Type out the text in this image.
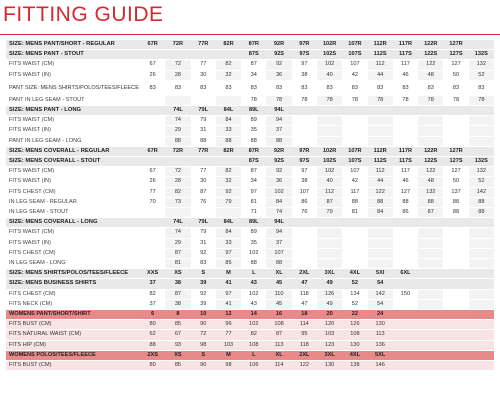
FITTING GUIDE
SIZE: MENS PANT/SHORT - REGULAR	67R	72R	77R	82R	87R	92R	97R	102R	107R	112R	117R	122R	127R	
SIZE: MENS PANT - STOUT					87S	92S	97S	102S	107S	112S	117S	122S	127S	132S
FITS WAIST (CM)	67	72	77	82	87	92	97	102	107	112	117	122	127	132
FITS WAIST (IN)	26	28	30	32	34	36	38	40	42	44	46	48	50	52
PANT SIZE: MENS SHIRTS/POLOS/TEES/FLEECE	83	83	83	83	83	83	83	83	83	83	83	83	83	83
PANT IN LEG SEAM - STOUT					78	78	78	78	78	78	78	78	78	78
SIZE: MENS PANT - LONG		74L	79L	84L	89L	94L								
FITS WAIST (CM)		74	79	84	89	94								
FITS WAIST (IN)		29	31	33	35	37								
PANT IN LEG SEAM - LONG		88	88	88	88	88								
SIZE: MENS COVERALL - REGULAR	67R	72R	77R	82R	87R	92R	97R	102R	107R	112R	117R	122R	127R	
SIZE: MENS COVERALL - STOUT					87S	92S	97S	102S	107S	112S	117S	122S	127S	132S
FITS WAIST (CM)	67	72	77	82	87	92	97	102	107	112	117	122	127	132
FITS WAIST (IN)	26	28	30	32	34	36	38	40	42	44	46	48	50	52
FITS CHEST (CM)	77	82	87	92	97	102	107	112	117	122	127	132	137	142
IN LEG SEAM - REGULAR	70	73	76	79	81	84	86	87	88	88	88	88	88	88
IN LEG SEAM - STOUT					71	74	76	79	81	84	86	87	88	88
SIZE: MENS COVERALL - LONG		74L	79L	84L	89L	94L								
FITS WAIST (CM)		74	79	84	89	94								
FITS WAIST (IN)		29	31	33	35	37								
FITS CHEST (CM)		87	92	97	102	107								
IN LEG SEAM - LONG		81	83	85	88	88								
SIZE: MENS SHIRTS/POLOS/TEES/FLEECE	XXS	XS	S	M	L	XL	2XL	3XL	4XL	5XI	6XL			
SIZE: MENS BUSINESS SHIRTS	37	38	39	41	43	45	47	49	52	54				
FITS CHEST (CM)	82	87	92	97	102	110	118	126	134	142	150			
FITS NECK (CM)	37	38	39	41	43	45	47	49	52	54				
WOMENS PANT/SHORT/SHIRT	6	8	10	12	14	16	18	20	22	24				
FITS BUST (CM)	80	85	90	96	102	108	114	120	126	130				
FITS NATURAL WAIST (CM)	62	67	72	77	82	87	95	103	108	113				
FITS HIP (CM)	88	93	98	103	108	113	118	123	130	136				
WOMENS POLOS/TEES/FLEECE	2XS	XS	S	M	L	XL	2XL	3XL	4XL	5XL				
FITS BUST (CM)	80	85	90	98	106	114	122	130	138	146				
